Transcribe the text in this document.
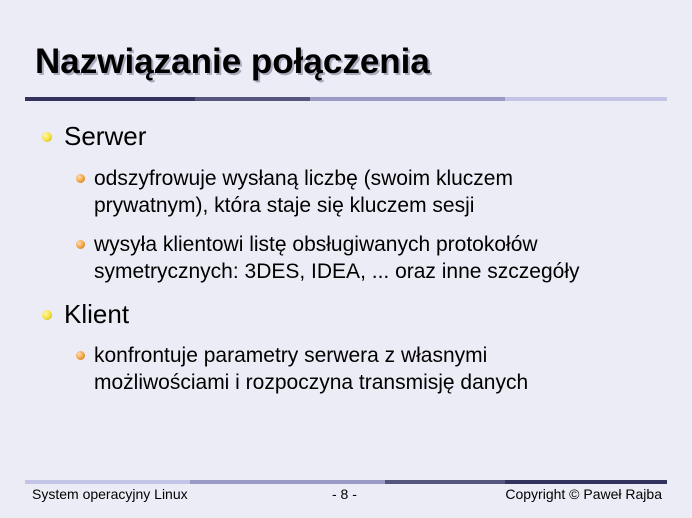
Nazwiązanie połączenia
Serwer
odszyfrowuje wysłaną liczbę (swoim kluczem
prywatnym), która staje się kluczem sesji
wysyła klientowi listę obsługiwanych protokołów
symetrycznych: 3DES, IDEA, ... oraz inne szczegóły
Klient
konfrontuje parametry serwera z własnymi
możliwościami i rozpoczyna transmisję danych
System operacyjny Linux	- 8 -	Copyright © Paweł Rajba
